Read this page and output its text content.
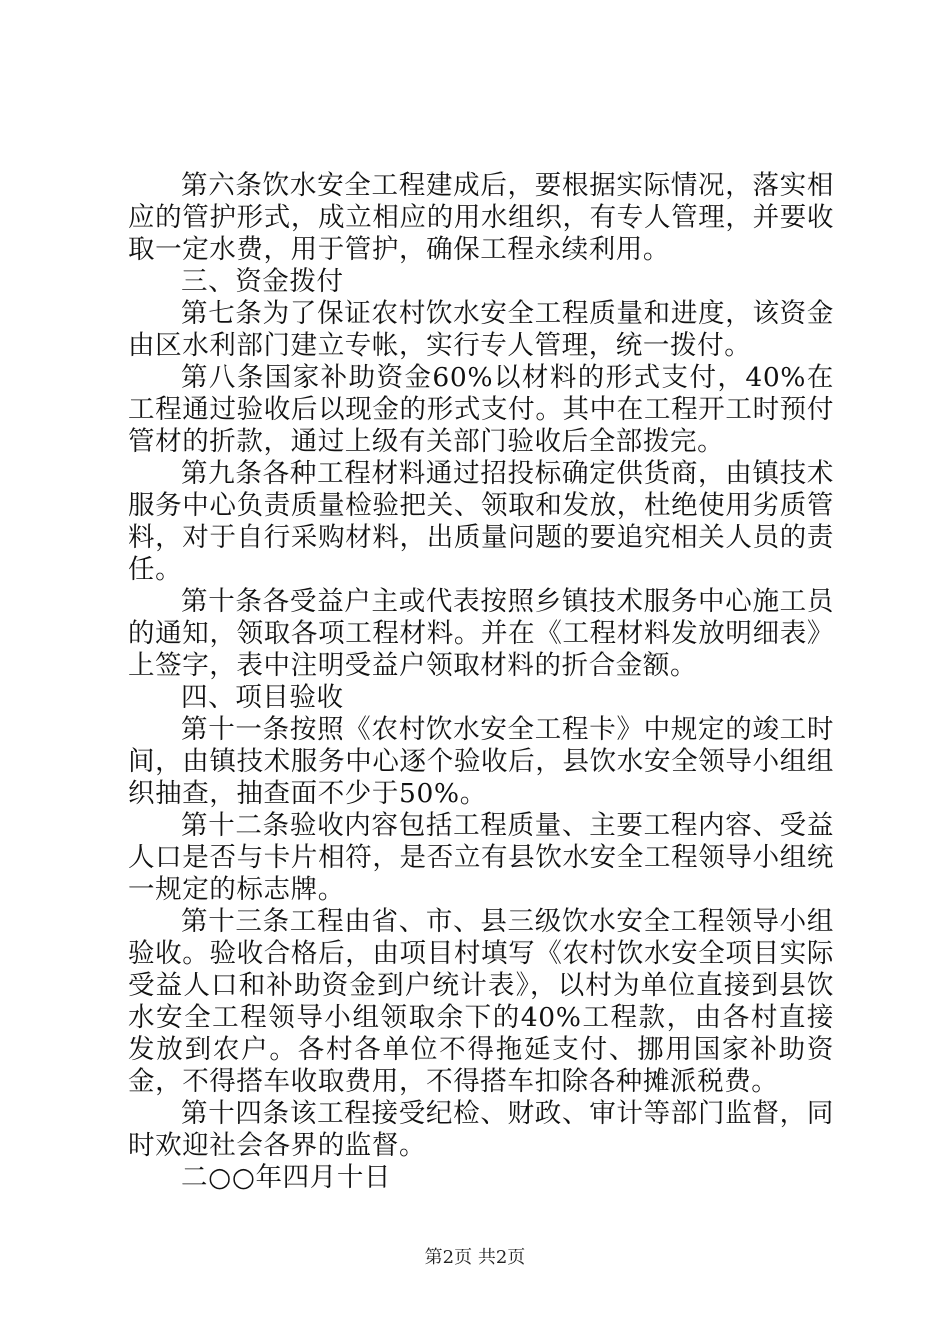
第六条饮水安全工程建成后，要根据实际情况，落实相应的管护形式，成立相应的用水组织，有专人管理，并要收取一定水费，用于管护，确保工程永续利用。

三、资金拨付

第七条为了保证农村饮水安全工程质量和进度，该资金由区水利部门建立专帐，实行专人管理，统一拨付。

第八条国家补助资金60%以材料的形式支付，40%在工程通过验收后以现金的形式支付。其中在工程开工时预付管材的折款，通过上级有关部门验收后全部拨完。

第九条各种工程材料通过招投标确定供货商，由镇技术服务中心负责质量检验把关、领取和发放，杜绝使用劣质管料，对于自行采购材料，出质量问题的要追究相关人员的责任。

第十条各受益户主或代表按照乡镇技术服务中心施工员的通知，领取各项工程材料。并在《工程材料发放明细表》上签字，表中注明受益户领取材料的折合金额。

四、项目验收

第十一条按照《农村饮水安全工程卡》中规定的竣工时间，由镇技术服务中心逐个验收后，县饮水安全领导小组组织抽查，抽查面不少于50%。

第十二条验收内容包括工程质量、主要工程内容、受益人口是否与卡片相符，是否立有县饮水安全工程领导小组统一规定的标志牌。

第十三条工程由省、市、县三级饮水安全工程领导小组验收。验收合格后，由项目村填写《农村饮水安全项目实际受益人口和补助资金到户统计表》，以村为单位直接到县饮水安全工程领导小组领取余下的40%工程款，由各村直接发放到农户。各村各单位不得拖延支付、挪用国家补助资金，不得搭车收取费用，不得搭车扣除各种摊派税费。

第十四条该工程接受纪检、财政、审计等部门监督，同时欢迎社会各界的监督。

二○○年四月十日

第2页 共2页
